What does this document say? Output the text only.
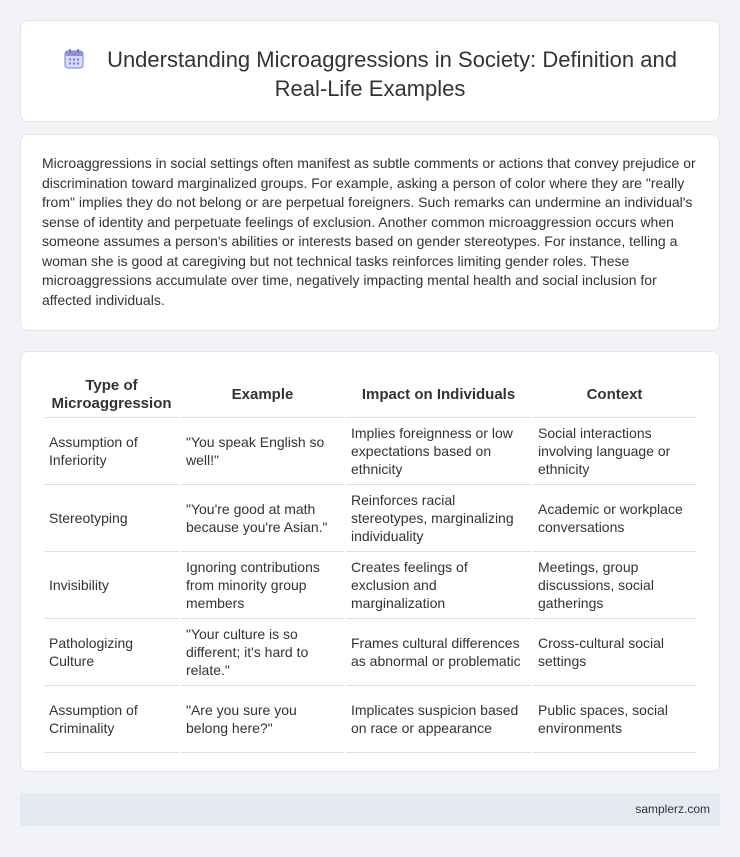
Understanding Microaggressions in Society: Definition and Real-Life Examples

Microaggressions in social settings often manifest as subtle comments or actions that convey prejudice or discrimination toward marginalized groups. For example, asking a person of color where they are "really from" implies they do not belong or are perpetual foreigners. Such remarks can undermine an individual's sense of identity and perpetuate feelings of exclusion. Another common microaggression occurs when someone assumes a person's abilities or interests based on gender stereotypes. For instance, telling a woman she is good at caregiving but not technical tasks reinforces limiting gender roles. These microaggressions accumulate over time, negatively impacting mental health and social inclusion for affected individuals.

Type of Microaggression	Example	Impact on Individuals	Context
Assumption of Inferiority	"You speak English so well!"	Implies foreignness or low expectations based on ethnicity	Social interactions involving language or ethnicity
Stereotyping	"You're good at math because you're Asian."	Reinforces racial stereotypes, marginalizing individuality	Academic or workplace conversations
Invisibility	Ignoring contributions from minority group members	Creates feelings of exclusion and marginalization	Meetings, group discussions, social gatherings
Pathologizing Culture	"Your culture is so different; it's hard to relate."	Frames cultural differences as abnormal or problematic	Cross-cultural social settings
Assumption of Criminality	"Are you sure you belong here?"	Implicates suspicion based on race or appearance	Public spaces, social environments
samplerz.com
